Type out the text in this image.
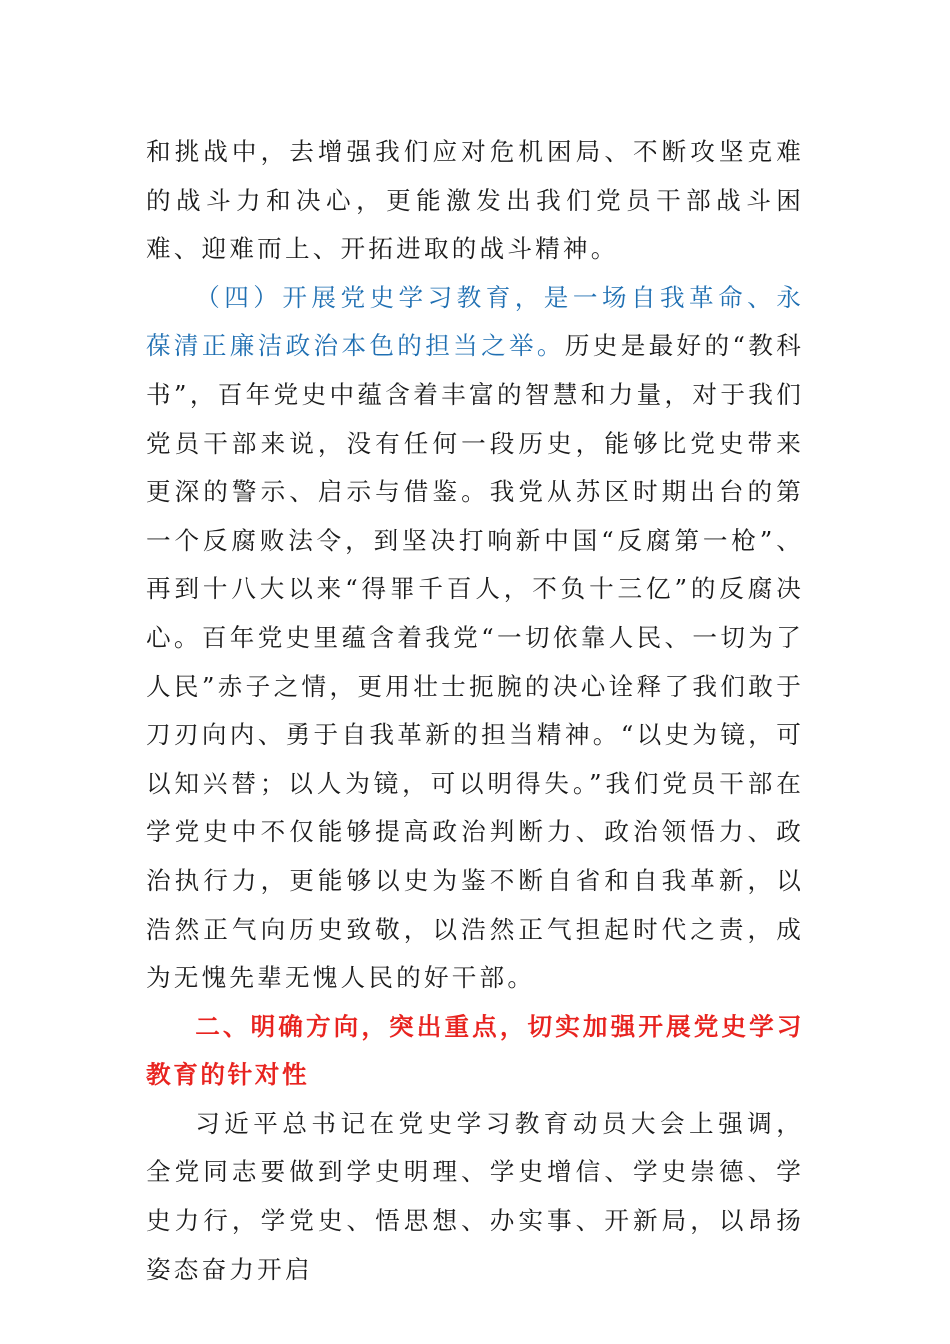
和挑战中，去增强我们应对危机困局、不断攻坚克难的战斗力和决心，更能激发出我们党员干部战斗困难、迎难而上、开拓进取的战斗精神。

（四）开展党史学习教育，是一场自我革命、永葆清正廉洁政治本色的担当之举。历史是最好的“教科书”，百年党史中蕴含着丰富的智慧和力量，对于我们党员干部来说，没有任何一段历史，能够比党史带来更深的警示、启示与借鉴。我党从苏区时期出台的第一个反腐败法令，到坚决打响新中国“反腐第一枪”、再到十八大以来“得罪千百人，不负十三亿”的反腐决心。百年党史里蕴含着我党“一切依靠人民、一切为了人民”赤子之情，更用壮士扼腕的决心诠释了我们敢于刀刃向内、勇于自我革新的担当精神。“以史为镜，可以知兴替；以人为镜，可以明得失。”我们党员干部在学党史中不仅能够提高政治判断力、政治领悟力、政治执行力，更能够以史为鉴不断自省和自我革新，以浩然正气向历史致敬，以浩然正气担起时代之责，成为无愧先辈无愧人民的好干部。

二、明确方向，突出重点，切实加强开展党史学习教育的针对性

习近平总书记在党史学习教育动员大会上强调，全党同志要做到学史明理、学史增信、学史崇德、学史力行，学党史、悟思想、办实事、开新局，以昂扬姿态奋力开启
